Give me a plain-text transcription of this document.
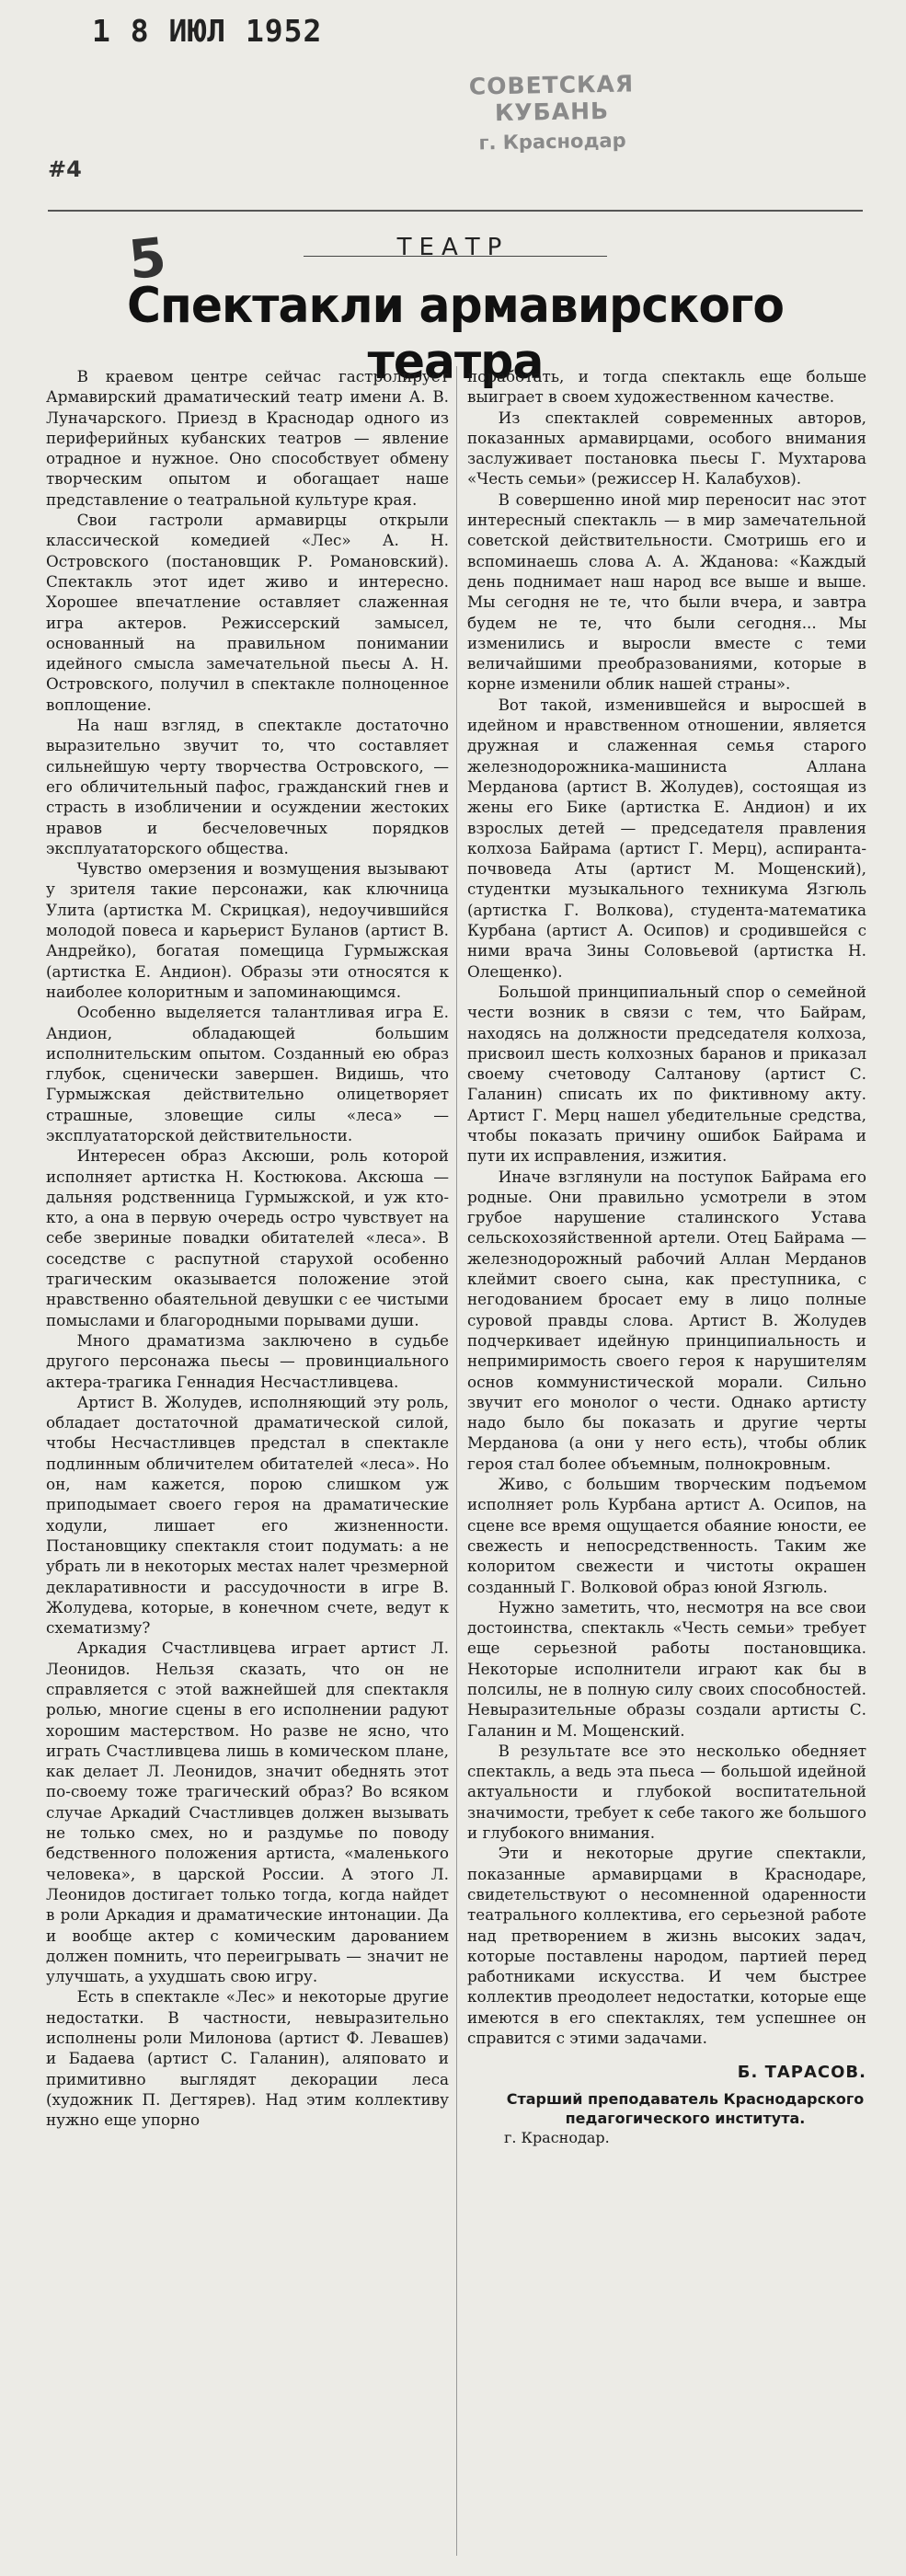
1 8 ИЮЛ 1952
СОВЕТСКАЯ КУБАНЬ
г. Краснодар
#4
5	ТЕАТР
Спектакли армавирского театра

В краевом центре сейчас гастролирует Армавирский драматический театр имени А. В. Луначарского. Приезд в Краснодар одного из периферийных кубанских театров — явление отрадное и нужное. Оно способствует обмену творческим опытом и обогащает наше представление о театральной культуре края.

Свои гастроли армавирцы открыли классической комедией «Лес» А. Н. Островского (постановщик Р. Романовский). Спектакль этот идет живо и интересно. Хорошее впечатление оставляет слаженная игра актеров. Режиссерский замысел, основанный на правильном понимании идейного смысла замечательной пьесы А. Н. Островского, получил в спектакле полноценное воплощение.

На наш взгляд, в спектакле достаточно выразительно звучит то, что составляет сильнейшую черту творчества Островского, — его обличительный пафос, гражданский гнев и страсть в изобличении и осуждении жестоких нравов и бесчеловечных порядков эксплуататорского общества.

Чувство омерзения и возмущения вызывают у зрителя такие персонажи, как ключница Улита (артистка М. Скрицкая), недоучившийся молодой повеса и карьерист Буланов (артист В. Андрейко), богатая помещица Гурмыжская (артистка Е. Андион). Образы эти относятся к наиболее колоритным и запоминающимся.

Особенно выделяется талантливая игра Е. Андион, обладающей большим исполнительским опытом. Созданный ею образ глубок, сценически завершен. Видишь, что Гурмыжская действительно олицетворяет страшные, зловещие силы «леса» — эксплуататорской действительности.

Интересен образ Аксюши, роль которой исполняет артистка Н. Костюкова. Аксюша — дальняя родственница Гурмыжской, и уж кто-кто, а она в первую очередь остро чувствует на себе звериные повадки обитателей «леса». В соседстве с распутной старухой особенно трагическим оказывается положение этой нравственно обаятельной девушки с ее чистыми помыслами и благородными порывами души.

Много драматизма заключено в судьбе другого персонажа пьесы — провинциального актера-трагика Геннадия Несчастливцева.

Артист В. Жолудев, исполняющий эту роль, обладает достаточной драматической силой, чтобы Несчастливцев предстал в спектакле подлинным обличителем обитателей «леса». Но он, нам кажется, порою слишком уж приподымает своего героя на драматические ходули, лишает его жизненности. Постановщику спектакля стоит подумать: а не убрать ли в некоторых местах налет чрезмерной декларативности и рассудочности в игре В. Жолудева, которые, в конечном счете, ведут к схематизму?

Аркадия Счастливцева играет артист Л. Леонидов. Нельзя сказать, что он не справляется с этой важнейшей для спектакля ролью, многие сцены в его исполнении радуют хорошим мастерством. Но разве не ясно, что играть Счастливцева лишь в комическом плане, как делает Л. Леонидов, значит обеднять этот по-своему тоже трагический образ? Во всяком случае Аркадий Счастливцев должен вызывать не только смех, но и раздумье по поводу бедственного положения артиста, «маленького человека», в царской России. А этого Л. Леонидов достигает только тогда, когда найдет в роли Аркадия и драматические интонации. Да и вообще актер с комическим дарованием должен помнить, что переигрывать — значит не улучшать, а ухудшать свою игру.

Есть в спектакле «Лес» и некоторые другие недостатки. В частности, невыразительно исполнены роли Милонова (артист Ф. Левашев) и Бадаева (артист С. Галанин), аляповато и примитивно выглядят декорации леса (художник П. Дегтярев). Над этим коллективу нужно еще упорно

поработать, и тогда спектакль еще больше выиграет в своем художественном качестве.

Из спектаклей современных авторов, показанных армавирцами, особого внимания заслуживает постановка пьесы Г. Мухтарова «Честь семьи» (режиссер Н. Калабухов).

В совершенно иной мир переносит нас этот интересный спектакль — в мир замечательной советской действительности. Смотришь его и вспоминаешь слова А. А. Жданова: «Каждый день поднимает наш народ все выше и выше. Мы сегодня не те, что были вчера, и завтра будем не те, что были сегодня... Мы изменились и выросли вместе с теми величайшими преобразованиями, которые в корне изменили облик нашей страны».

Вот такой, изменившейся и выросшей в идейном и нравственном отношении, является дружная и слаженная семья старого железнодорожника-машиниста Аллана Мерданова (артист В. Жолудев), состоящая из жены его Бике (артистка Е. Андион) и их взрослых детей — председателя правления колхоза Байрама (артист Г. Мерц), аспиранта-почвоведа Аты (артист М. Мощенский), студентки музыкального техникума Язгюль (артистка Г. Волкова), студента-математика Курбана (артист А. Осипов) и сродившейся с ними врача Зины Соловьевой (артистка Н. Олещенко).

Большой принципиальный спор о семейной чести возник в связи с тем, что Байрам, находясь на должности председателя колхоза, присвоил шесть колхозных баранов и приказал своему счетоводу Салтанову (артист С. Галанин) списать их по фиктивному акту. Артист Г. Мерц нашел убедительные средства, чтобы показать причину ошибок Байрама и пути их исправления, изжития.

Иначе взглянули на поступок Байрама его родные. Они правильно усмотрели в этом грубое нарушение сталинского Устава сельскохозяйственной артели. Отец Байрама — железнодорожный рабочий Аллан Мерданов клеймит своего сына, как преступника, с негодованием бросает ему в лицо полные суровой правды слова. Артист В. Жолудев подчеркивает идейную принципиальность и непримиримость своего героя к нарушителям основ коммунистической морали. Сильно звучит его монолог о чести. Однако артисту надо было бы показать и другие черты Мерданова (а они у него есть), чтобы облик героя стал более объемным, полнокровным.

Живо, с большим творческим подъемом исполняет роль Курбана артист А. Осипов, на сцене все время ощущается обаяние юности, ее свежесть и непосредственность. Таким же колоритом свежести и чистоты окрашен созданный Г. Волковой образ юной Язгюль.

Нужно заметить, что, несмотря на все свои достоинства, спектакль «Честь семьи» требует еще серьезной работы постановщика. Некоторые исполнители играют как бы в полсилы, не в полную силу своих способностей. Невыразительные образы создали артисты С. Галанин и М. Мощенский.

В результате все это несколько обедняет спектакль, а ведь эта пьеса — большой идейной актуальности и глубокой воспитательной значимости, требует к себе такого же большого и глубокого внимания.

Эти и некоторые другие спектакли, показанные армавирцами в Краснодаре, свидетельствуют о несомненной одаренности театрального коллектива, его серьезной работе над претворением в жизнь высоких задач, которые поставлены народом, партией перед работниками искусства. И чем быстрее коллектив преодолеет недостатки, которые еще имеются в его спектаклях, тем успешнее он справится с этими задачами.

Б. ТАРАСОВ.
Старший преподаватель Краснодарского педагогического института.
г. Краснодар.
